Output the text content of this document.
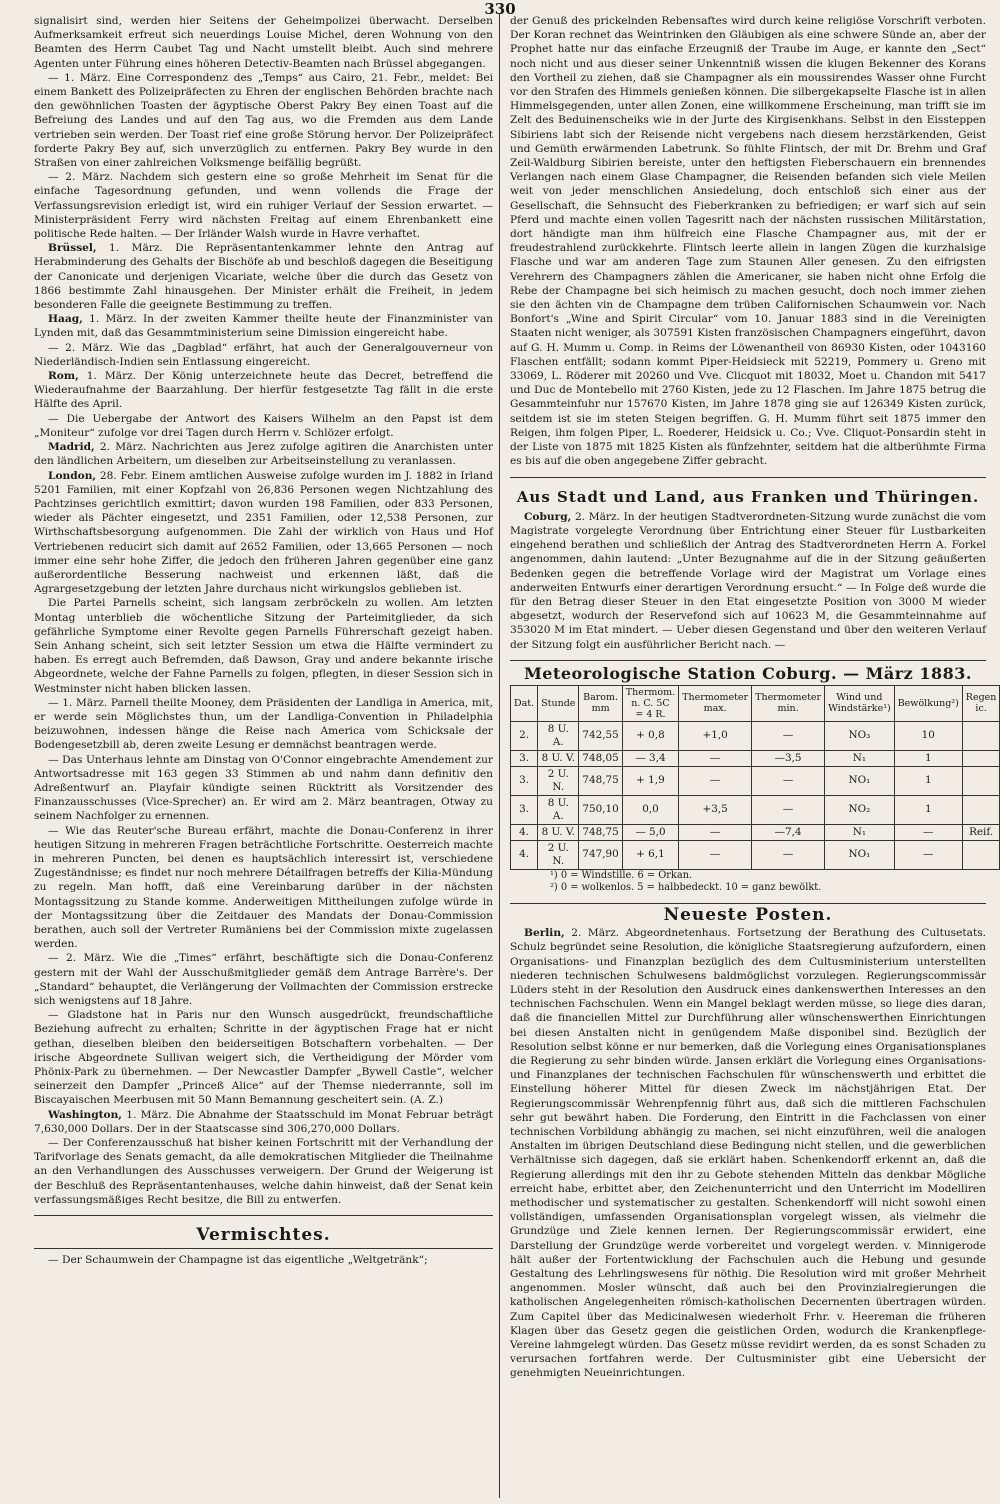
330

signalisirt sind, werden hier Seitens der Geheimpolizei überwacht. Derselben Aufmerksamkeit erfreut sich neuerdings Louise Michel, deren Wohnung von den Beamten des Herrn Caubet Tag und Nacht umstellt bleibt. Auch sind mehrere Agenten unter Führung eines höheren Detectiv-Beamten nach Brüssel abgegangen.

— 1. März. Eine Correspondenz des „Temps“ aus Cairo, 21. Febr., meldet: Bei einem Bankett des Polizeipräfecten zu Ehren der englischen Behörden brachte nach den gewöhnlichen Toasten der ägyptische Oberst Pakry Bey einen Toast auf die Befreiung des Landes und auf den Tag aus, wo die Fremden aus dem Lande vertrieben sein werden. Der Toast rief eine große Störung hervor. Der Polizeipräfect forderte Pakry Bey auf, sich unverzüglich zu entfernen. Pakry Bey wurde in den Straßen von einer zahlreichen Volksmenge beifällig begrüßt.

— 2. März. Nachdem sich gestern eine so große Mehrheit im Senat für die einfache Tagesordnung gefunden, und wenn vollends die Frage der Verfassungsrevision erledigt ist, wird ein ruhiger Verlauf der Session erwartet. — Ministerpräsident Ferry wird nächsten Freitag auf einem Ehrenbankett eine politische Rede halten. — Der Irländer Walsh wurde in Havre verhaftet.

Brüssel, 1. März. Die Repräsentantenkammer lehnte den Antrag auf Herabminderung des Gehalts der Bischöfe ab und beschloß dagegen die Beseitigung der Canonicate und derjenigen Vicariate, welche über die durch das Gesetz von 1866 bestimmte Zahl hinausgehen. Der Minister erhält die Freiheit, in jedem besonderen Falle die geeignete Bestimmung zu treffen.

Haag, 1. März. In der zweiten Kammer theilte heute der Finanzminister van Lynden mit, daß das Gesammtministerium seine Dimission eingereicht habe.

— 2. März. Wie das „Dagblad“ erfährt, hat auch der Generalgouverneur von Niederländisch-Indien sein Entlassung eingereicht.

Rom, 1. März. Der König unterzeichnete heute das Decret, betreffend die Wiederaufnahme der Baarzahlung. Der hierfür festgesetzte Tag fällt in die erste Hälfte des April.

— Die Uebergabe der Antwort des Kaisers Wilhelm an den Papst ist dem „Moniteur“ zufolge vor drei Tagen durch Herrn v. Schlözer erfolgt.

Madrid, 2. März. Nachrichten aus Jerez zufolge agitiren die Anarchisten unter den ländlichen Arbeitern, um dieselben zur Arbeitseinstellung zu veranlassen.

London, 28. Febr. Einem amtlichen Ausweise zufolge wurden im J. 1882 in Irland 5201 Familien, mit einer Kopfzahl von 26,836 Personen wegen Nichtzahlung des Pachtzinses gerichtlich exmittirt; davon wurden 198 Familien, oder 833 Personen, wieder als Pächter eingesetzt, und 2351 Familien, oder 12,538 Personen, zur Wirthschaftsbesorgung aufgenommen. Die Zahl der wirklich von Haus und Hof Vertriebenen reducirt sich damit auf 2652 Familien, oder 13,665 Personen — noch immer eine sehr hohe Ziffer, die jedoch den früheren Jahren gegenüber eine ganz außerordentliche Besserung nachweist und erkennen läßt, daß die Agrargesetzgebung der letzten Jahre durchaus nicht wirkungslos geblieben ist.

Die Partei Parnells scheint, sich langsam zerbröckeln zu wollen. Am letzten Montag unterblieb die wöchentliche Sitzung der Parteimitglieder, da sich gefährliche Symptome einer Revolte gegen Parnells Führerschaft gezeigt haben. Sein Anhang scheint, sich seit letzter Session um etwa die Hälfte vermindert zu haben. Es erregt auch Befremden, daß Dawson, Gray und andere bekannte irische Abgeordnete, welche der Fahne Parnells zu folgen, pflegten, in dieser Session sich in Westminster nicht haben blicken lassen.

— 1. März. Parnell theilte Mooney, dem Präsidenten der Landliga in America, mit, er werde sein Möglichstes thun, um der Landliga-Convention in Philadelphia beizuwohnen, indessen hänge die Reise nach America vom Schicksale der Bodengesetzbill ab, deren zweite Lesung er demnächst beantragen werde.

— Das Unterhaus lehnte am Dinstag von O'Connor eingebrachte Amendement zur Antwortsadresse mit 163 gegen 33 Stimmen ab und nahm dann definitiv den Adreßentwurf an. Playfair kündigte seinen Rücktritt als Vorsitzender des Finanzausschusses (Vice-Sprecher) an. Er wird am 2. März beantragen, Otway zu seinem Nachfolger zu ernennen.

— Wie das Reuter'sche Bureau erfährt, machte die Donau-Conferenz in ihrer heutigen Sitzung in mehreren Fragen beträchtliche Fortschritte. Oesterreich machte in mehreren Puncten, bei denen es hauptsächlich interessirt ist, verschiedene Zugeständnisse; es findet nur noch mehrere Détailfragen betreffs der Kilia-Mündung zu regeln. Man hofft, daß eine Vereinbarung darüber in der nächsten Montagssitzung zu Stande komme. Anderweitigen Mittheilungen zufolge würde in der Montagssitzung über die Zeitdauer des Mandats der Donau-Commission berathen, auch soll der Vertreter Rumäniens bei der Commission mixte zugelassen werden.

— 2. März. Wie die „Times“ erfährt, beschäftigte sich die Donau-Conferenz gestern mit der Wahl der Ausschußmitglieder gemäß dem Antrage Barrère's. Der „Standard“ behauptet, die Verlängerung der Vollmachten der Commission erstrecke sich wenigstens auf 18 Jahre.

— Gladstone hat in Paris nur den Wunsch ausgedrückt, freundschaftliche Beziehung aufrecht zu erhalten; Schritte in der ägyptischen Frage hat er nicht gethan, dieselben bleiben den beiderseitigen Botschaftern vorbehalten. — Der irische Abgeordnete Sullivan weigert sich, die Vertheidigung der Mörder vom Phönix-Park zu übernehmen. — Der Newcastler Dampfer „Bywell Castle“, welcher seinerzeit den Dampfer „Princeß Alice“ auf der Themse niederrannte, soll im Biscayaischen Meerbusen mit 50 Mann Bemannung gescheitert sein. (A. Z.)

Washington, 1. März. Die Abnahme der Staatsschuld im Monat Februar beträgt 7,630,000 Dollars. Der in der Staatscasse sind 306,270,000 Dollars.

— Der Conferenzausschuß hat bisher keinen Fortschritt mit der Verhandlung der Tarifvorlage des Senats gemacht, da alle demokratischen Mitglieder die Theilnahme an den Verhandlungen des Ausschusses verweigern. Der Grund der Weigerung ist der Beschluß des Repräsentantenhauses, welche dahin hinweist, daß der Senat kein verfassungsmäßiges Recht besitze, die Bill zu entwerfen.

Vermischtes.

— Der Schaumwein der Champagne ist das eigentliche „Weltgetränk“;

der Genuß des prickelnden Rebensaftes wird durch keine religiöse Vorschrift verboten. Der Koran rechnet das Weintrinken den Gläubigen als eine schwere Sünde an, aber der Prophet hatte nur das einfache Erzeugniß der Traube im Auge, er kannte den „Sect“ noch nicht und aus dieser seiner Unkenntniß wissen die klugen Bekenner des Korans den Vortheil zu ziehen, daß sie Champagner als ein moussirendes Wasser ohne Furcht vor den Strafen des Himmels genießen können. Die silbergekapselte Flasche ist in allen Himmelsgegenden, unter allen Zonen, eine willkommene Erscheinung, man trifft sie im Zelt des Beduinenscheiks wie in der Jurte des Kirgisenkhans. Selbst in den Eissteppen Sibiriens labt sich der Reisende nicht vergebens nach diesem herzstärkenden, Geist und Gemüth erwärmenden Labetrunk. So fühlte Flintsch, der mit Dr. Brehm und Graf Zeil-Waldburg Sibirien bereiste, unter den heftigsten Fieberschauern ein brennendes Verlangen nach einem Glase Champagner, die Reisenden befanden sich viele Meilen weit von jeder menschlichen Ansiedelung, doch entschloß sich einer aus der Gesellschaft, die Sehnsucht des Fieberkranken zu befriedigen; er warf sich auf sein Pferd und machte einen vollen Tagesritt nach der nächsten russischen Militärstation, dort händigte man ihm hülfreich eine Flasche Champagner aus, mit der er freudestrahlend zurückkehrte. Flintsch leerte allein in langen Zügen die kurzhalsige Flasche und war am anderen Tage zum Staunen Aller genesen. Zu den eifrigsten Verehrern des Champagners zählen die Americaner, sie haben nicht ohne Erfolg die Rebe der Champagne bei sich heimisch zu machen gesucht, doch noch immer ziehen sie den ächten vin de Champagne dem trüben Californischen Schaumwein vor. Nach Bonfort's „Wine and Spirit Circular“ vom 10. Januar 1883 sind in die Vereinigten Staaten nicht weniger, als 307591 Kisten französischen Champagners eingeführt, davon auf G. H. Mumm u. Comp. in Reims der Löwenantheil von 86930 Kisten, oder 1043160 Flaschen entfällt; sodann kommt Piper-Heidsieck mit 52219, Pommery u. Greno mit 33069, L. Röderer mit 20260 und Vve. Clicquot mit 18032, Moet u. Chandon mit 5417 und Duc de Montebello mit 2760 Kisten, jede zu 12 Flaschen. Im Jahre 1875 betrug die Gesammteinfuhr nur 157670 Kisten, im Jahre 1878 ging sie auf 126349 Kisten zurück, seitdem ist sie im steten Steigen begriffen. G. H. Mumm führt seit 1875 immer den Reigen, ihm folgen Piper, L. Roederer, Heidsick u. Co.; Vve. Cliquot-Ponsardin steht in der Liste von 1875 mit 1825 Kisten als fünfzehnter, seitdem hat die altberühmte Firma es bis auf die oben angegebene Ziffer gebracht.

Aus Stadt und Land, aus Franken und Thüringen.

Coburg, 2. März. In der heutigen Stadtverordneten-Sitzung wurde zunächst die vom Magistrate vorgelegte Verordnung über Entrichtung einer Steuer für Lustbarkeiten eingehend berathen und schließlich der Antrag des Stadtverordneten Herrn A. Forkel angenommen, dahin lautend: „Unter Bezugnahme auf die in der Sitzung geäußerten Bedenken gegen die betreffende Vorlage wird der Magistrat um Vorlage eines anderweiten Entwurfs einer derartigen Verordnung ersucht.“ — In Folge deß wurde die für den Betrag dieser Steuer in den Etat eingesetzte Position von 3000 M wieder abgesetzt, wodurch der Reservefond sich auf 10623 M, die Gesammteinnahme auf 353020 M im Etat mindert. — Ueber diesen Gegenstand und über den weiteren Verlauf der Sitzung folgt ein ausführlicher Bericht nach. —

Meteorologische Station Coburg. — März 1883.
Dat.	Stunde	Barom. mm	Thermom. n. C. 5C = 4 R.	Thermometer max.	Thermometer min.	Wind und Windstärke¹)	Bewölkung²)	Regen ic.
2.	8 U. A.	742,55	+ 0,8	+1,0	—	NO₃	10	
3.	8 U. V.	748,05	— 3,4	—	—3,5	N₁	1	
3.	2 U. N.	748,75	+ 1,9	—	—	NO₁	1	
3.	8 U. A.	750,10	0,0	+3,5	—	NO₂	1	
4.	8 U. V.	748,75	— 5,0	—	—7,4	N₁	—	Reif.
4.	2 U. N.	747,90	+ 6,1	—	—	NO₁	—	
¹) 0 = Windstille. 6 = Orkan.
²) 0 = wolkenlos. 5 = halbbedeckt. 10 = ganz bewölkt.
Neueste Posten.

Berlin, 2. März. Abgeordnetenhaus. Fortsetzung der Berathung des Cultusetats. Schulz begründet seine Resolution, die königliche Staatsregierung aufzufordern, einen Organisations- und Finanzplan bezüglich des dem Cultusministerium unterstellten niederen technischen Schulwesens baldmöglichst vorzulegen. Regierungscommissär Lüders steht in der Resolution den Ausdruck eines dankenswerthen Interesses an den technischen Fachschulen. Wenn ein Mangel beklagt werden müsse, so liege dies daran, daß die financiellen Mittel zur Durchführung aller wünschenswerthen Einrichtungen bei diesen Anstalten nicht in genügendem Maße disponibel sind. Bezüglich der Resolution selbst könne er nur bemerken, daß die Vorlegung eines Organisationsplanes die Regierung zu sehr binden würde. Jansen erklärt die Vorlegung eines Organisations- und Finanzplanes der technischen Fachschulen für wünschenswerth und erbittet die Einstellung höherer Mittel für diesen Zweck im nächstjährigen Etat. Der Regierungscommissär Wehrenpfennig führt aus, daß sich die mittleren Fachschulen sehr gut bewährt haben. Die Forderung, den Eintritt in die Fachclassen von einer technischen Vorbildung abhängig zu machen, sei nicht einzuführen, weil die analogen Anstalten im übrigen Deutschland diese Bedingung nicht stellen, und die gewerblichen Verhältnisse sich dagegen, daß sie erklärt haben. Schenkendorff erkennt an, daß die Regierung allerdings mit den ihr zu Gebote stehenden Mitteln das denkbar Mögliche erreicht habe, erbittet aber, den Zeichenunterricht und den Unterricht im Modelliren methodischer und systematischer zu gestalten. Schenkendorff will nicht sowohl einen vollständigen, umfassenden Organisationsplan vorgelegt wissen, als vielmehr die Grundzüge und Ziele kennen lernen. Der Regierungscommissär erwidert, eine Darstellung der Grundzüge werde vorbereitet und vorgelegt werden. v. Minnigerode hält außer der Fortentwicklung der Fachschulen auch die Hebung und gesunde Gestaltung des Lehrlingswesens für nöthig. Die Resolution wird mit großer Mehrheit angenommen. Mosler wünscht, daß auch bei den Provinzialregierungen die katholischen Angelegenheiten römisch-katholischen Decernenten übertragen würden. Zum Capitel über das Medicinalwesen wiederholt Frhr. v. Heereman die früheren Klagen über das Gesetz gegen die geistlichen Orden, wodurch die Krankenpflege-Vereine lahmgelegt würden. Das Gesetz müsse revidirt werden, da es sonst Schaden zu verursachen fortfahren werde. Der Cultusminister gibt eine Uebersicht der genehmigten Neueinrichtungen.
